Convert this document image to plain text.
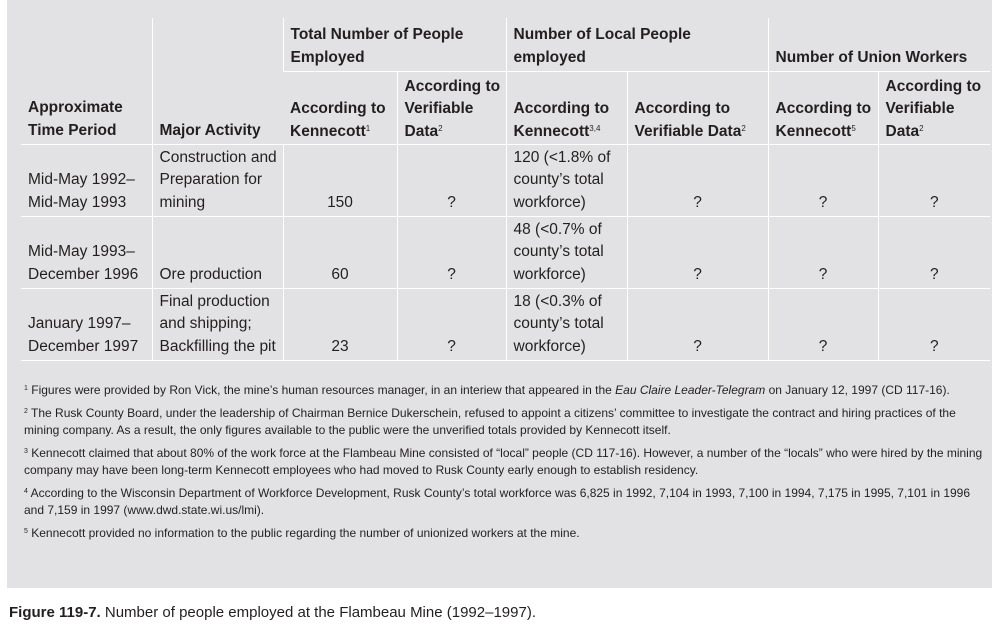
Approximate Time Period	Major Activity	Total Number of People Employed		Number of Local People employed		Number of Union Workers	
		According to Kennecott$^1$	According to Verifiable Data$^2$	According to Kennecott$^{3,4}$	According to Verifiable Data$^2$	According to Kennecott$^5$	According to Verifiable Data$^2$
Mid-May 1992–Mid-May 1993	Construction and Preparation for mining	150	?	120 (<1.8% of county’s total workforce)	?	?	?
Mid-May 1993–December 1996	Ore production	60	?	48 (<0.7% of county’s total workforce)	?	?	?
January 1997–December 1997	Final production and shipping; Backfilling the pit	23	?	18 (<0.3% of county’s total workforce)	?	?	?

$^1$ Figures were provided by Ron Vick, the mine’s human resources manager, in an interiew that appeared in the Eau Claire Leader-Telegram on January 12, 1997 (CD 117-16).

$^2$ The Rusk County Board, under the leadership of Chairman Bernice Dukerschein, refused to appoint a citizens’ committee to investigate the contract and hiring practices of the mining company. As a result, the only figures available to the public were the unverified totals provided by Kennecott itself.

$^3$ Kennecott claimed that about 80% of the work force at the Flambeau Mine consisted of “local” people (CD 117-16). However, a number of the “locals” who were hired by the mining company may have been long-term Kennecott employees who had moved to Rusk County early enough to establish residency.

$^4$ According to the Wisconsin Department of Workforce Development, Rusk County’s total workforce was 6,825 in 1992, 7,104 in 1993, 7,100 in 1994, 7,175 in 1995, 7,101 in 1996 and 7,159 in 1997 (www.dwd.state.wi.us/lmi).

$^5$ Kennecott provided no information to the public regarding the number of unionized workers at the mine.

Figure 119-7. Number of people employed at the Flambeau Mine (1992–1997).
